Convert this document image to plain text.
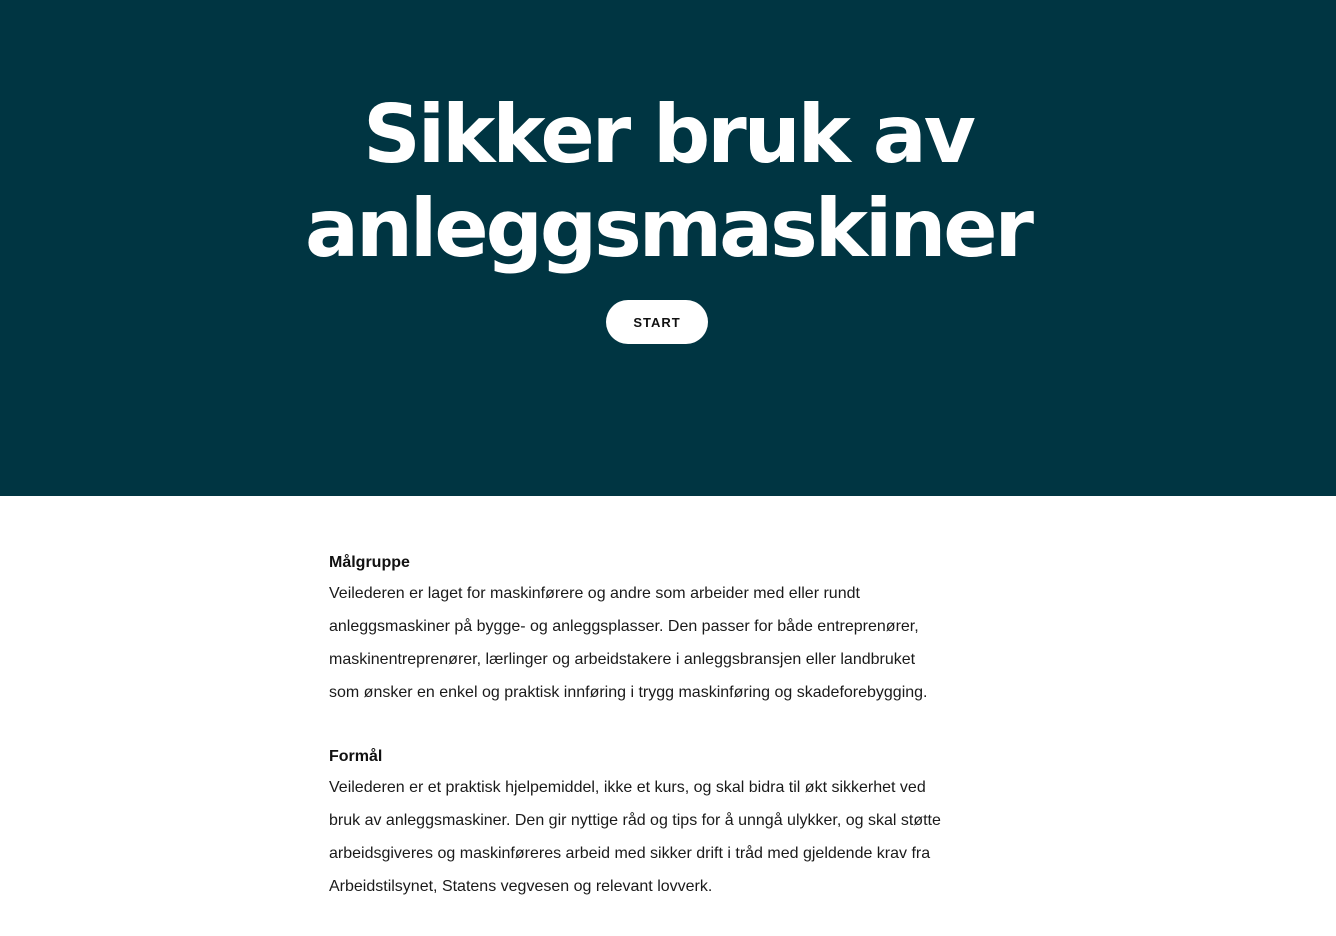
Sikker bruk av
anleggsmaskiner
START
Målgruppe

Veilederen er laget for maskinførere og andre som arbeider med eller rundt
anleggsmaskiner på bygge- og anleggsplasser. Den passer for både entreprenører,
maskinentreprenører, lærlinger og arbeidstakere i anleggsbransjen eller landbruket
som ønsker en enkel og praktisk innføring i trygg maskinføring og skadeforebygging.

Formål

Veilederen er et praktisk hjelpemiddel, ikke et kurs, og skal bidra til økt sikkerhet ved
bruk av anleggsmaskiner. Den gir nyttige råd og tips for å unngå ulykker, og skal støtte
arbeidsgiveres og maskinføreres arbeid med sikker drift i tråd med gjeldende krav fra
Arbeidstilsynet, Statens vegvesen og relevant lovverk.
